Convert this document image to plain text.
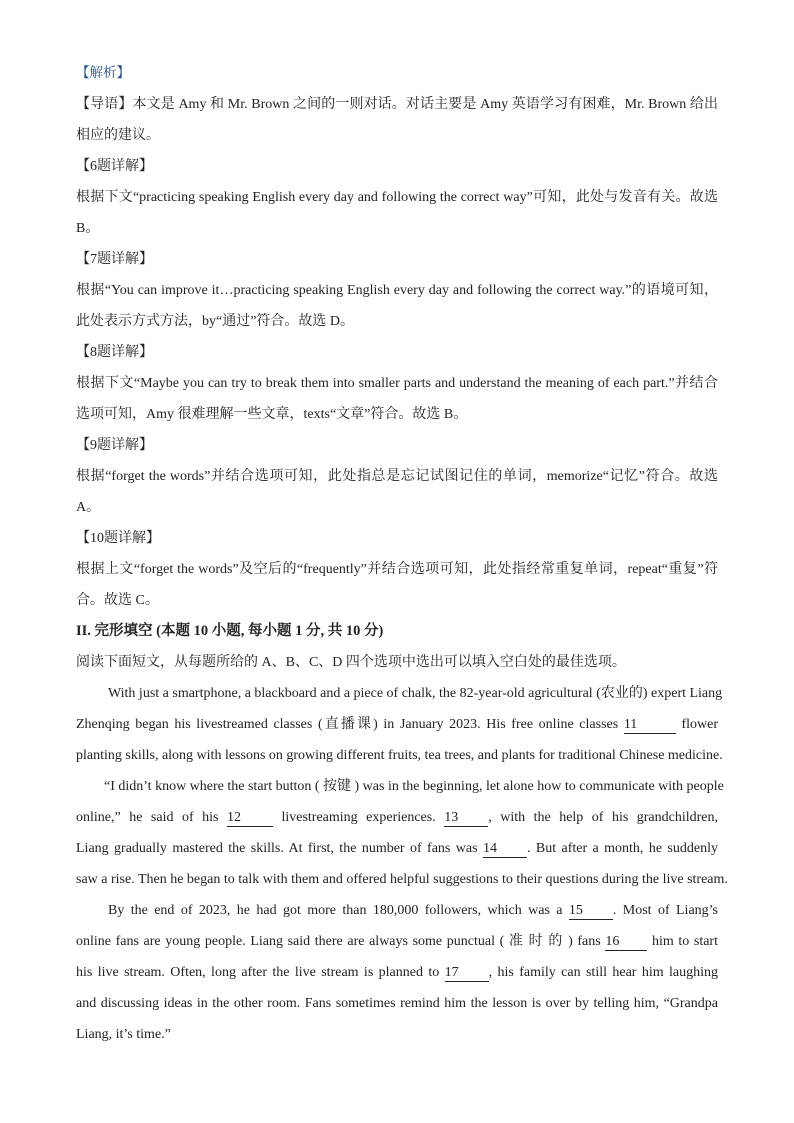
【解析】
【导语】本文是 Amy 和 Mr. Brown 之间的一则对话。对话主要是 Amy 英语学习有困难，Mr. Brown 给出
相应的建议。
【6题详解】
根据下文“practicing speaking English every day and following the correct way”可知，此处与发音有关。故选
B。
【7题详解】
根据“You can improve it…practicing speaking English every day and following the correct way.”的语境可知，
此处表示方式方法，by“通过”符合。故选 D。
【8题详解】
根据下文“Maybe you can try to break them into smaller parts and understand the meaning of each part.”并结合
选项可知，Amy 很难理解一些文章，texts“文章”符合。故选 B。
【9题详解】
根据“forget the words”并结合选项可知，此处指总是忘记试图记住的单词，memorize“记忆”符合。故选
A。
【10题详解】
根据上文“forget the words”及空后的“frequently”并结合选项可知，此处指经常重复单词，repeat“重复”符
合。故选 C。
II. 完形填空 (本题 10 小题, 每小题 1 分, 共 10 分)
阅读下面短文，从每题所给的 A、B、C、D 四个选项中选出可以填入空白处的最佳选项。
With just a smartphone, a blackboard and a piece of chalk, the 82-year-old agricultural (农业的) expert Liang
Zhenqing began his livestreamed classes (直播课) in January 2023. His free online classes 11	flower
planting skills, along with lessons on growing different fruits, tea trees, and plants for traditional Chinese medicine.
“I didn’t know where the start button ( 按键 ) was in the beginning, let alone how to communicate with people
online,” he said of his 12	livestreaming experiences. 13 , with the help of his grandchildren,
Liang gradually mastered the skills. At first, the number of fans was 14 . But after a month, he suddenly
saw a rise. Then he began to talk with them and offered helpful suggestions to their questions during the live stream.
By the end of 2023, he had got more than 180,000 followers, which was a 15 . Most of Liang’s
online fans are young people. Liang said there are always some punctual ( 准 时 的 ) fans 16 him to start
his live stream. Often, long after the live stream is planned to 17 , his family can still hear him laughing
and discussing ideas in the other room. Fans sometimes remind him the lesson is over by telling him, “Grandpa
Liang, it’s time.”
